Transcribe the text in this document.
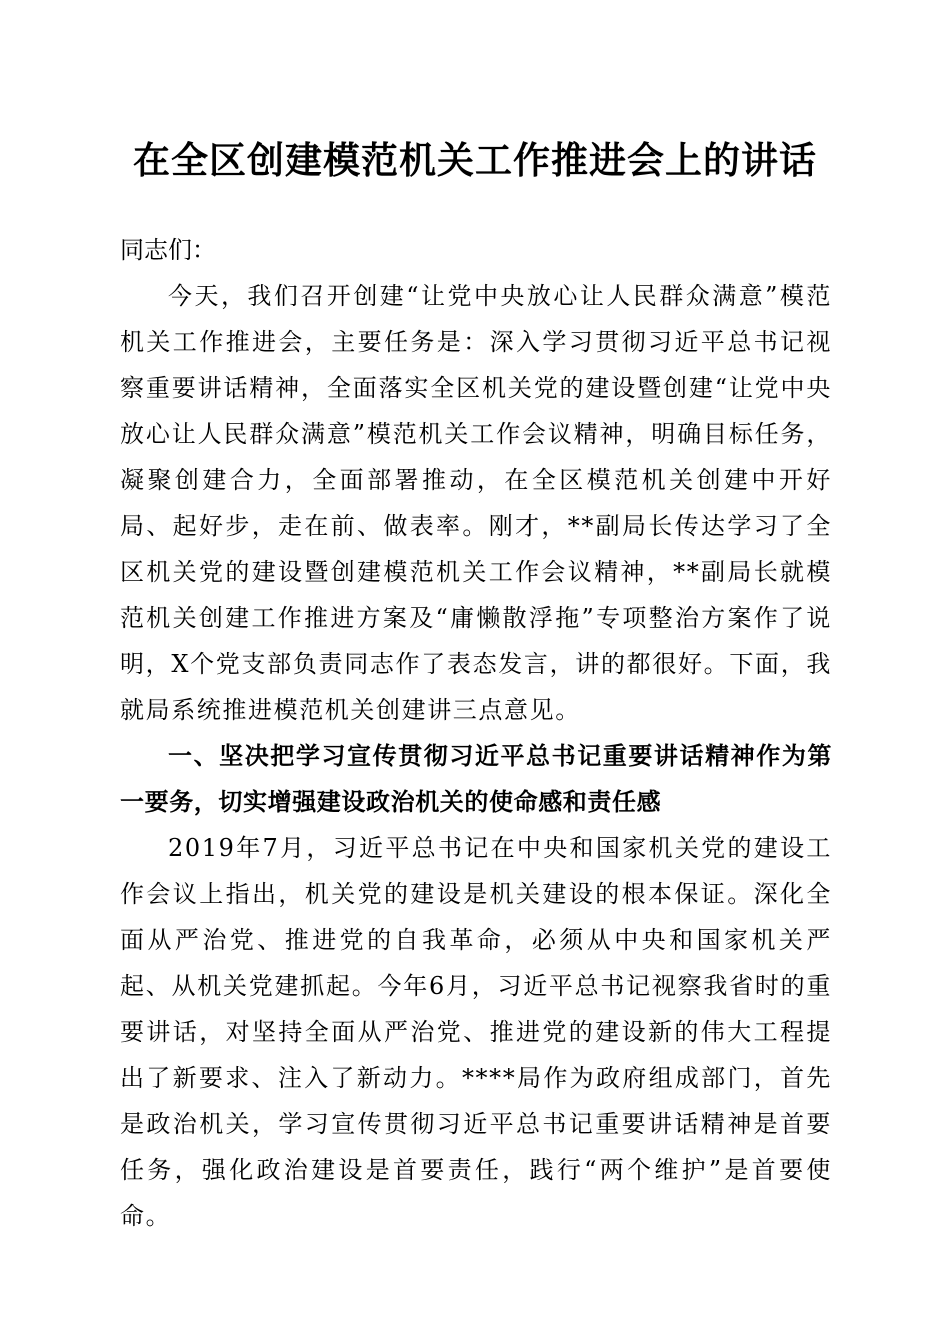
在全区创建模范机关工作推进会上的讲话

同志们：

今天，我们召开创建“让党中央放心让人民群众满意”模范机关工作推进会，主要任务是：深入学习贯彻习近平总书记视察重要讲话精神，全面落实全区机关党的建设暨创建“让党中央放心让人民群众满意”模范机关工作会议精神，明确目标任务，凝聚创建合力，全面部署推动，在全区模范机关创建中开好局、起好步，走在前、做表率。刚才，**副局长传达学习了全区机关党的建设暨创建模范机关工作会议精神，**副局长就模范机关创建工作推进方案及“庸懒散浮拖”专项整治方案作了说明，X个党支部负责同志作了表态发言，讲的都很好。下面，我就局系统推进模范机关创建讲三点意见。

一、坚决把学习宣传贯彻习近平总书记重要讲话精神作为第一要务，切实增强建设政治机关的使命感和责任感

2019年7月，习近平总书记在中央和国家机关党的建设工作会议上指出，机关党的建设是机关建设的根本保证。深化全面从严治党、推进党的自我革命，必须从中央和国家机关严起、从机关党建抓起。今年6月，习近平总书记视察我省时的重要讲话，对坚持全面从严治党、推进党的建设新的伟大工程提出了新要求、注入了新动力。****局作为政府组成部门，首先是政治机关，学习宣传贯彻习近平总书记重要讲话精神是首要任务，强化政治建设是首要责任，践行“两个维护”是首要使命。
